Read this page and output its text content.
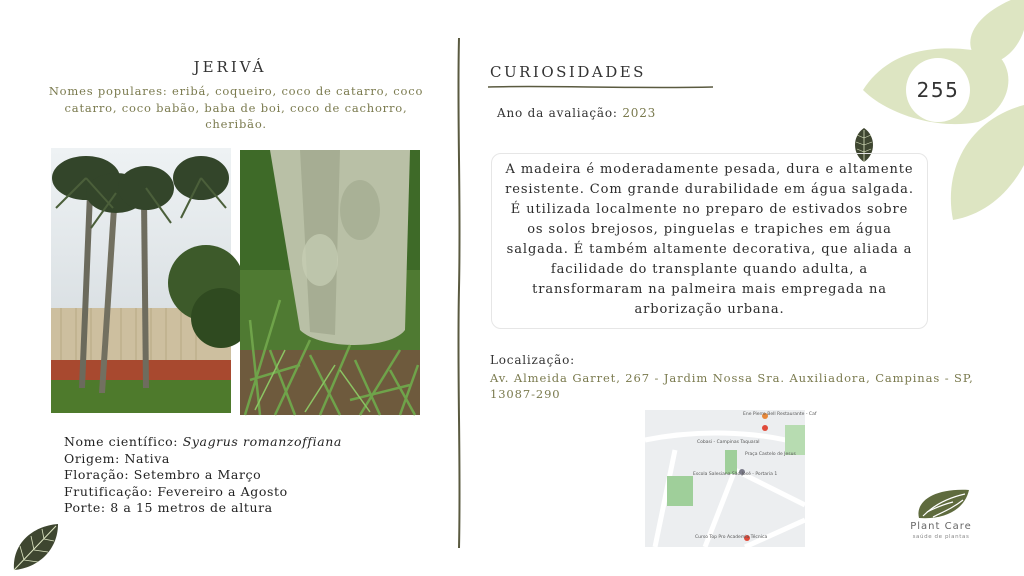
JERIVÁ
Nomes populares: eribá, coqueiro, coco de catarro, coco catarro, coco babão, baba de boi, coco de cachorro, cheribão.
Nome científico: Syagrus romanzoffiana
Origem: Nativa
Floração: Setembro a Março
Frutificação: Fevereiro a Agosto
Porte: 8 a 15 metros de altura
CURIOSIDADES
Ano da avaliação: 2023
A madeira é moderadamente pesada, dura e altamente resistente. Com grande durabilidade em água salgada. É utilizada localmente no preparo de estivados sobre os solos brejosos, pinguelas e trapiches em água salgada. É também altamente decorativa, que aliada a facilidade do transplante quando adulta, a transformaram na palmeira mais empregada na arborização urbana.
Localização:
Av. Almeida Garret, 267 - Jardim Nossa Sra. Auxiliadora, Campinas - SP, 13087-290
Ene Pierre Bell Restaurante - Caf
Cobasi - Campinas Taquaral
Praça Castelo de Jesus
Escola Salesiana São José - Portaria 1
Curso Top Pro Academia Técnica
255
Plant Care
saúde de plantas
